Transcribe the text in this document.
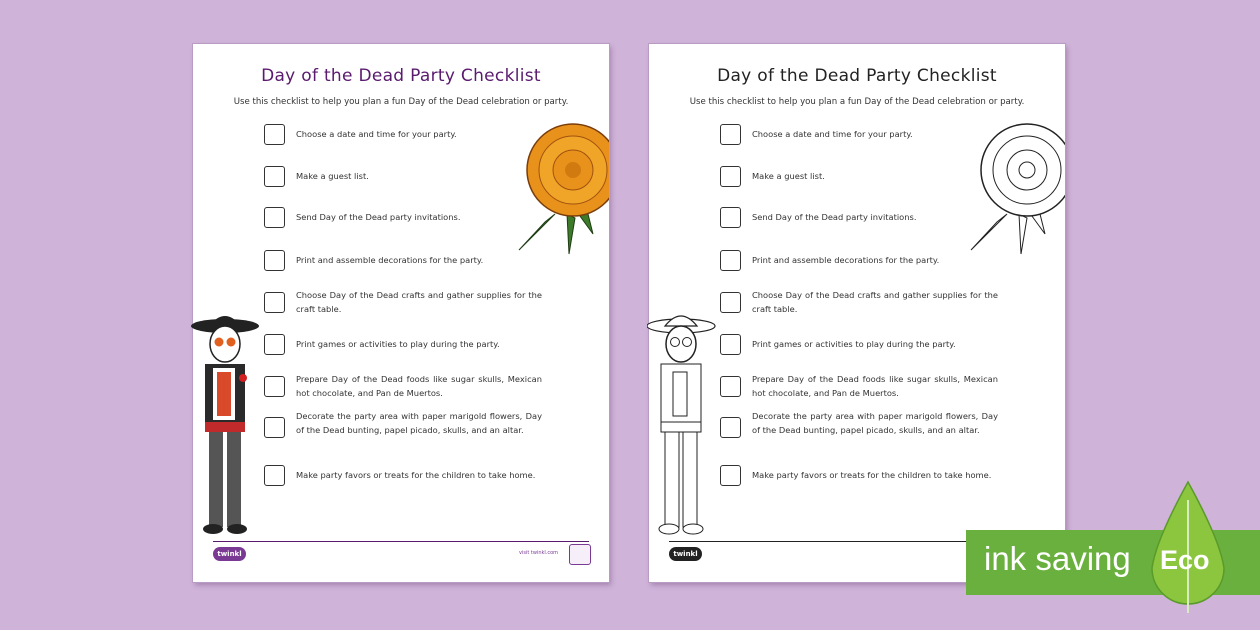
Day of the Dead Party Checklist
Use this checklist to help you plan a fun Day of the Dead celebration or party.
Choose a date and time for your party.
Make a guest list.
Send Day of the Dead party invitations.
Print and assemble decorations for the party.
Choose Day of the Dead crafts and gather supplies for the craft table.
Print games or activities to play during the party.
Prepare Day of the Dead foods like sugar skulls, Mexican hot chocolate, and Pan de Muertos.
Decorate the party area with paper marigold flowers, Day of the Dead bunting, papel picado, skulls, and an altar.
Make party favors or treats for the children to take home.
twinkl	visit twinkl.com
Day of the Dead Party Checklist
Use this checklist to help you plan a fun Day of the Dead celebration or party.
Choose a date and time for your party.
Make a guest list.
Send Day of the Dead party invitations.
Print and assemble decorations for the party.
Choose Day of the Dead crafts and gather supplies for the craft table.
Print games or activities to play during the party.
Prepare Day of the Dead foods like sugar skulls, Mexican hot chocolate, and Pan de Muertos.
Decorate the party area with paper marigold flowers, Day of the Dead bunting, papel picado, skulls, and an altar.
Make party favors or treats for the children to take home.
twinkl	ink saving Eco
